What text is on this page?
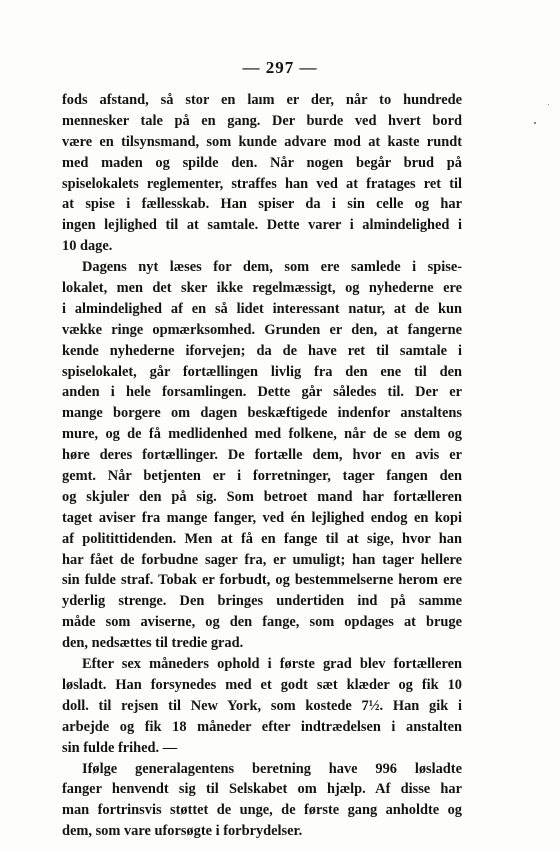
— 297 —
fods afstand, så stor en laım er der, når to hundrede
mennesker tale på en gang. Der burde ved hvert bord
være en tilsynsmand, som kunde advare mod at kaste rundt
med maden og spilde den. Når nogen begår brud på
spiselokalets reglementer, straffes han ved at fratages ret til
at spise i fællesskab. Han spiser da i sin celle og har
ingen lejlighed til at samtale. Dette varer i almindelighed i
10 dage.
Dagens nyt læses for dem, som ere samlede i spise-
lokalet, men det sker ikke regelmæssigt, og nyhederne ere
i almindelighed af en så lidet interessant natur, at de kun
vække ringe opmærksomhed. Grunden er den, at fangerne
kende nyhederne iforvejen; da de have ret til samtale i
spiselokalet, går fortællingen livlig fra den ene til den
anden i hele forsamlingen. Dette går således til. Der er
mange borgere om dagen beskæftigede indenfor anstaltens
mure, og de få medlidenhed med folkene, når de se dem og
høre deres fortællinger. De fortælle dem, hvor en avis er
gemt. Når betjenten er i forretninger, tager fangen den
og skjuler den på sig. Som betroet mand har fortælleren
taget aviser fra mange fanger, ved én lejlighed endog en kopi
af politittidenden. Men at få en fange til at sige, hvor han
har fået de forbudne sager fra, er umuligt; han tager hellere
sin fulde straf. Tobak er forbudt, og bestemmelserne herom ere
yderlig strenge. Den bringes undertiden ind på samme
måde som aviserne, og den fange, som opdages at bruge
den, nedsættes til tredie grad.
Efter sex måneders ophold i første grad blev fortælleren
løsladt. Han forsynedes med et godt sæt klæder og fik 10
doll. til rejsen til New York, som kostede 7½. Han gik i
arbejde og fik 18 måneder efter indtrædelsen i anstalten
sin fulde frihed. —
Ifølge generalagentens beretning have 996 løsladte
fanger henvendt sig til Selskabet om hjælp. Af disse har
man fortrinsvis støttet de unge, de første gang anholdte og
dem, som vare uforsøgte i forbrydelser.
